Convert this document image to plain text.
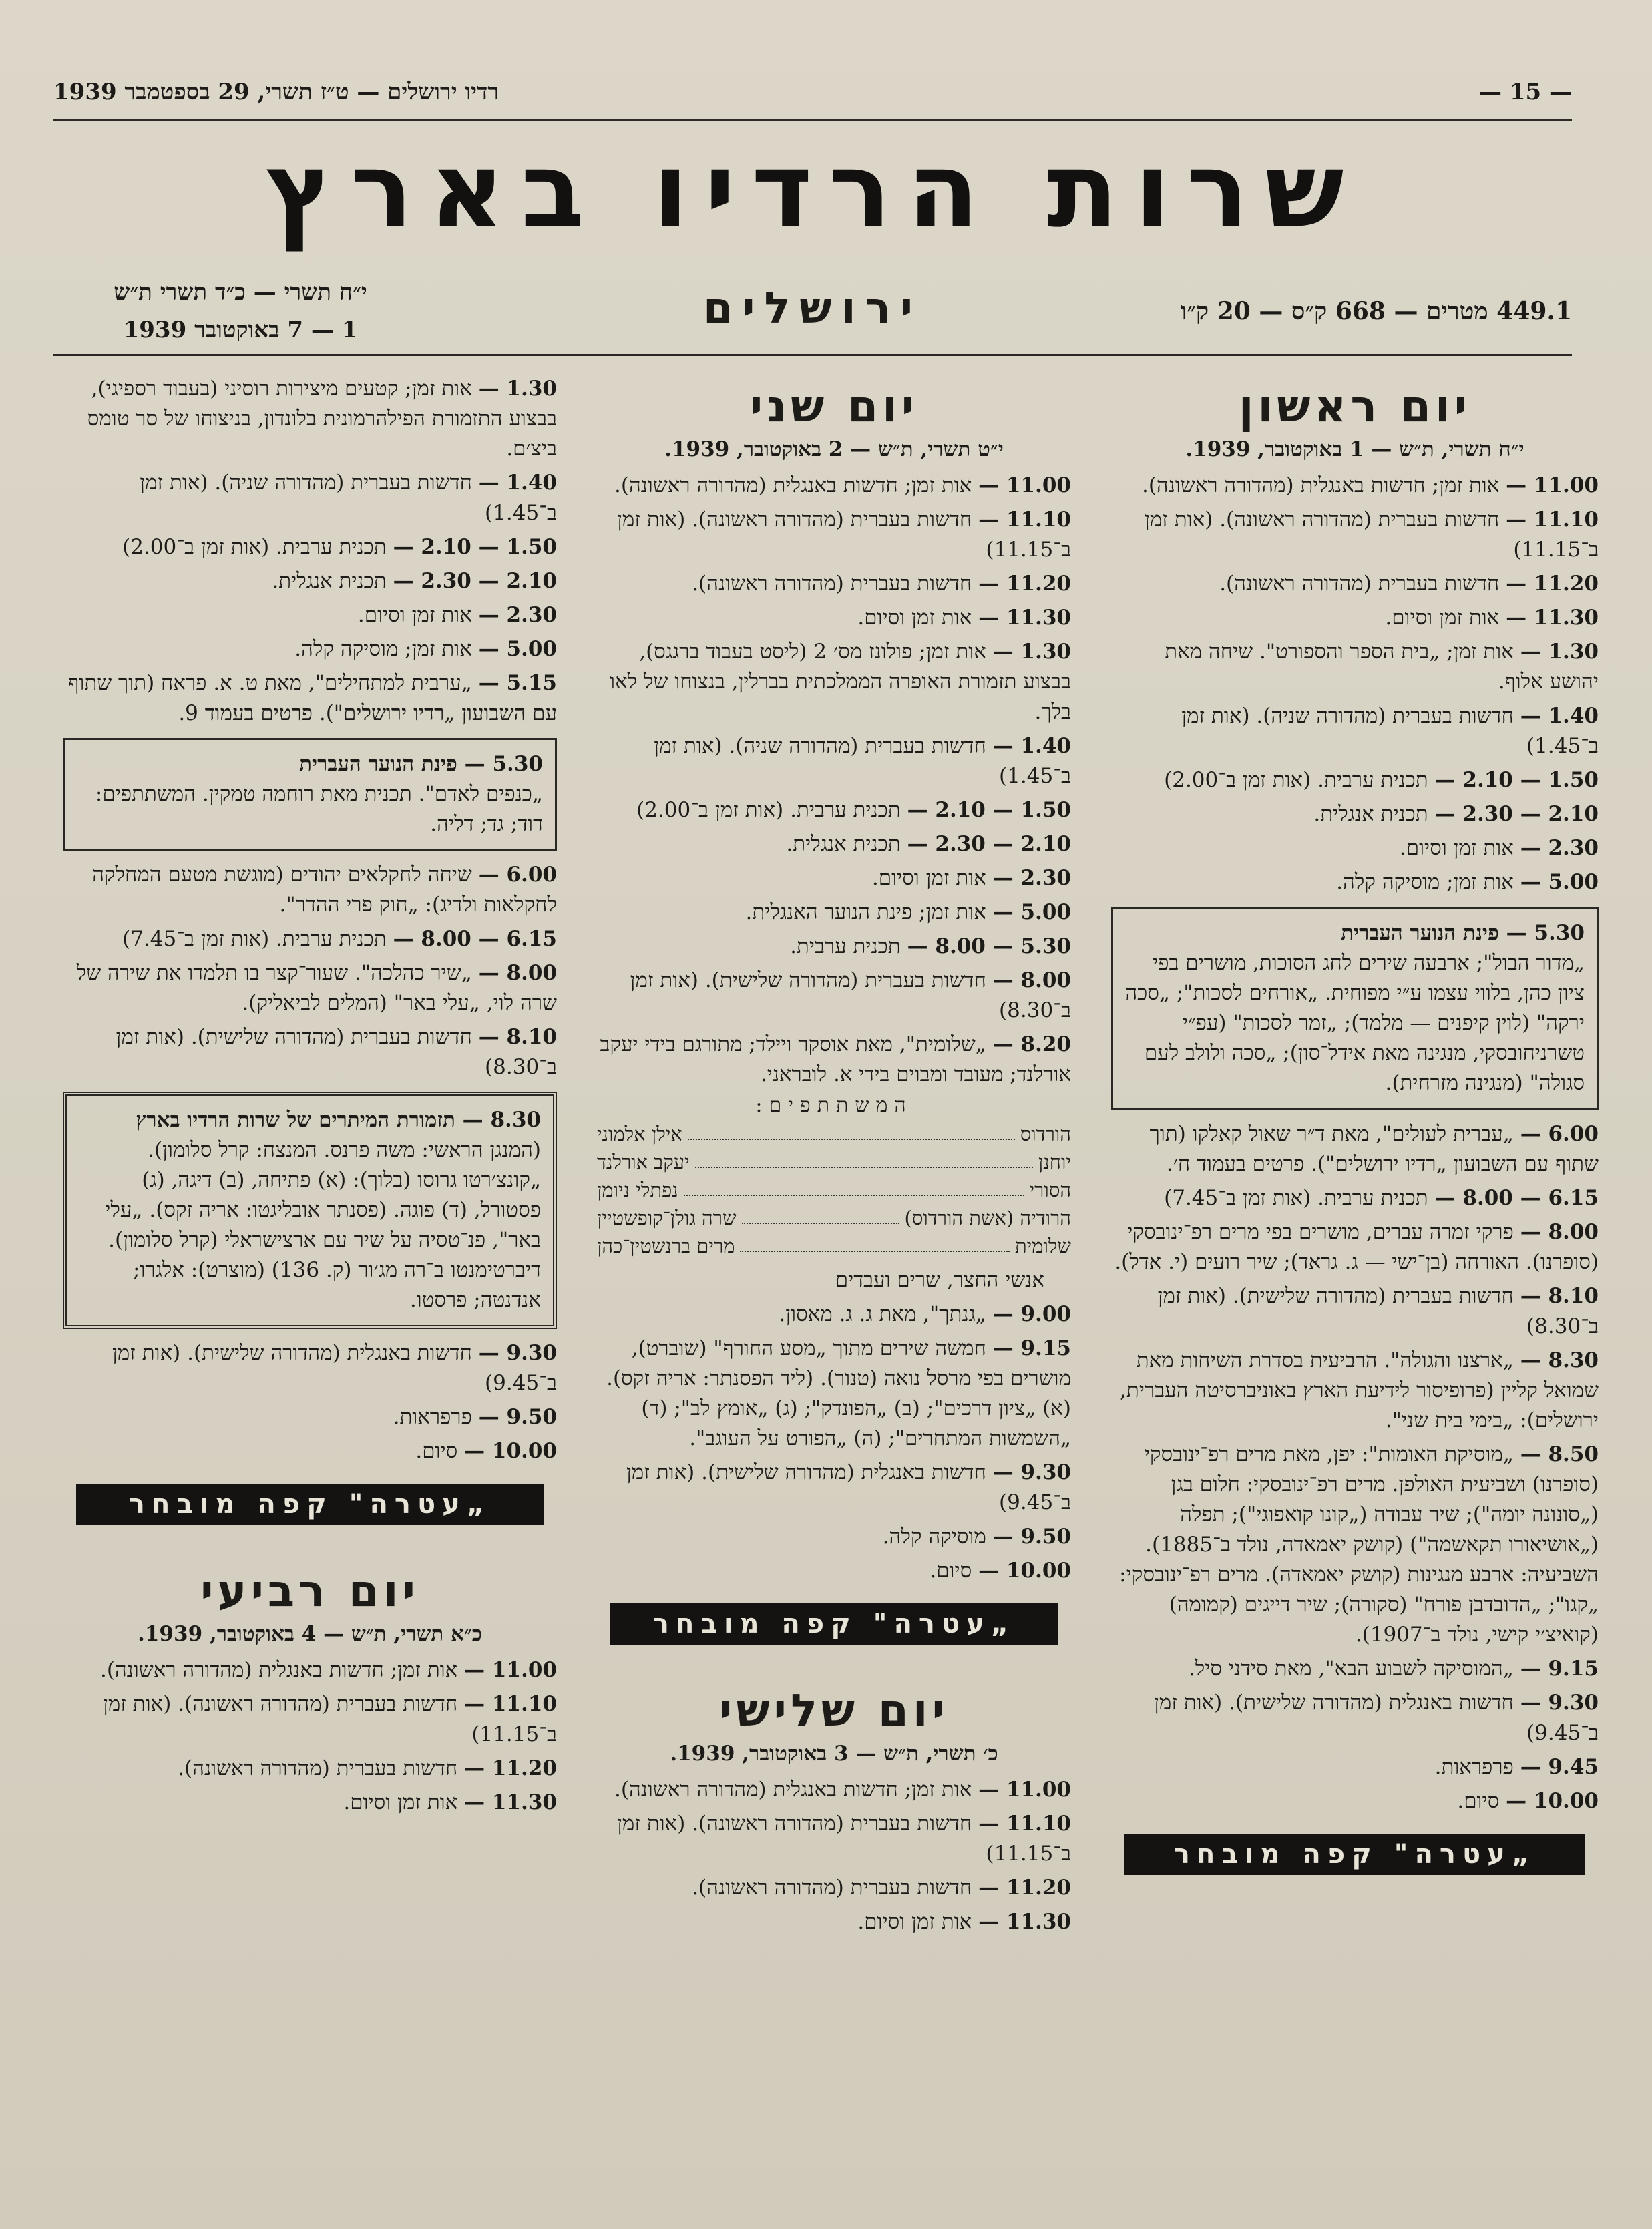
— 15 —
רדיו ירושלים — ט״ז תשרי, 29 בספטמבר 1939
שרות הרדיו בארץ
449.1 מטרים — 668 ק״ס — 20 ק״ו
ירושלים
י״ח תשרי — כ״ד תשרי ת״ש
1 — 7 באוקטובר 1939
יום ראשון
י״ח תשרי, ת״ש — 1 באוקטובר, 1939.
11.00 — אות זמן; חדשות באנגלית (מהדורה ראשונה).
11.10 — חדשות בעברית (מהדורה ראשונה). (אות זמן ב־11.15)
11.20 — חדשות בעברית (מהדורה ראשונה).
11.30 — אות זמן וסיום.
1.30 — אות זמן; „בית הספר והספורט". שיחה מאת יהושע אלוף.
1.40 — חדשות בעברית (מהדורה שניה). (אות זמן ב־1.45)
1.50 — 2.10 — תכנית ערבית. (אות זמן ב־2.00)
2.10 — 2.30 — תכנית אנגלית.
2.30 — אות זמן וסיום.
5.00 — אות זמן; מוסיקה קלה.
5.30 — פינת הנוער העברית
„מדור הבול"; ארבעה שירים לחג הסוכות, מושרים בפי ציון כהן, בלווי עצמו ע״י מפוחית. „אורחים לסכות"; „סכה ירקה" (לוין קיפנים — מלמד); „זמר לסכות" (עפ״י טשרניחובסקי, מנגינה מאת אידל־סון); „סכה ולולב לעם סגולה" (מנגינה מזרחית).
6.00 — „עברית לעולים", מאת ד״ר שאול קאלקו (תוך שתוף עם השבועון „רדיו ירושלים"). פרטים בעמוד ח׳.
6.15 — 8.00 — תכנית ערבית. (אות זמן ב־7.45)
8.00 — פרקי זמרה עברים, מושרים בפי מרים רפ־ינובסקי (סופרנו). האורחה (בן־ישי — ג. גראד); שיר רועים (י. אדל).
8.10 — חדשות בעברית (מהדורה שלישית). (אות זמן ב־8.30)
8.30 — „ארצנו והגולה". הרביעית בסדרת השיחות מאת שמואל קליין (פרופיסור לידיעת הארץ באוניברסיטה העברית, ירושלים): „בימי בית שני".
8.50 — „מוסיקת האומות": יפן, מאת מרים רפ־ינובסקי (סופרנו) ושביעית האולפן. מרים רפ־ינובסקי: חלום בגן („סונונה יומה"); שיר עבודה („קונו קואפוגי"); תפלה („אושיאורו תקאשמה") (קושק יאמאדה, נולד ב־1885). השביעיה: ארבע מנגינות (קושק יאמאדה). מרים רפ־ינובסקי: „קגו"; „הדובדבן פורח" (סקורה); שיר דייגים (קמומה) (קואיצ׳י קישי, נולד ב־1907).
9.15 — „המוסיקה לשבוע הבא", מאת סידני סיל.
9.30 — חדשות באנגלית (מהדורה שלישית). (אות זמן ב־9.45)
9.45 — פרפראות.
10.00 — סיום.
„עטרה" קפה מובחר
יום שני
י״ט תשרי, ת״ש — 2 באוקטובר, 1939.
11.00 — אות זמן; חדשות באנגלית (מהדורה ראשונה).
11.10 — חדשות בעברית (מהדורה ראשונה). (אות זמן ב־11.15)
11.20 — חדשות בעברית (מהדורה ראשונה).
11.30 — אות זמן וסיום.
1.30 — אות זמן; פולונז מס׳ 2 (ליסט בעבוד ברגגס), בבצוע תזמורת האופרה הממלכתית בברלין, בנצוחו של לאו בלך.
1.40 — חדשות בעברית (מהדורה שניה). (אות זמן ב־1.45)
1.50 — 2.10 — תכנית ערבית. (אות זמן ב־2.00)
2.10 — 2.30 — תכנית אנגלית.
2.30 — אות זמן וסיום.
5.00 — אות זמן; פינת הנוער האנגלית.
5.30 — 8.00 — תכנית ערבית.
8.00 — חדשות בעברית (מהדורה שלישית). (אות זמן ב־8.30)
8.20 — „שלומית", מאת אוסקר ויילד; מתורגם בידי יעקב אורלנד; מעובד ומבוים בידי א. לובראני.
המשתתפים:
הורדוס
אילן אלמוני
יוחנן
יעקב אורלנד
הסורי
נפתלי ניומן
הרודיה (אשת הורדוס)
שרה גולן־קופשטיין
שלומית
מרים ברנשטין־כהן
אנשי החצר, שרים ועבדים
9.00 — „גנתך", מאת ג. ג. מאסון.
9.15 — חמשה שירים מתוך „מסע החורף" (שוברט), מושרים בפי מרסל נואה (טנור). (ליד הפסנתר: אריה זקס). (א) „ציון דרכים"; (ב) „הפונדק"; (ג) „אומץ לב"; (ד) „השמשות המתחרים"; (ה) „הפורט על העוגב".
9.30 — חדשות באנגלית (מהדורה שלישית). (אות זמן ב־9.45)
9.50 — מוסיקה קלה.
10.00 — סיום.
„עטרה" קפה מובחר
יום שלישי
כ׳ תשרי, ת״ש — 3 באוקטובר, 1939.
11.00 — אות זמן; חדשות באנגלית (מהדורה ראשונה).
11.10 — חדשות בעברית (מהדורה ראשונה). (אות זמן ב־11.15)
11.20 — חדשות בעברית (מהדורה ראשונה).
11.30 — אות זמן וסיום.
1.30 — אות זמן; קטעים מיצירות רוסיני (בעבוד רספיגי), בבצוע התזמורת הפילהרמונית בלונדון, בניצוחו של סר טומס ביצ׳ם.
1.40 — חדשות בעברית (מהדורה שניה). (אות זמן ב־1.45)
1.50 — 2.10 — תכנית ערבית. (אות זמן ב־2.00)
2.10 — 2.30 — תכנית אנגלית.
2.30 — אות זמן וסיום.
5.00 — אות זמן; מוסיקה קלה.
5.15 — „ערבית למתחילים", מאת ט. א. פראח (תוך שתוף עם השבועון „רדיו ירושלים"). פרטים בעמוד 9.
5.30 — פינת הנוער העברית
„כנפים לאדם". תכנית מאת רוחמה טמקין. המשתתפים: דוד; גד; דליה.
6.00 — שיחה לחקלאים יהודים (מוגשת מטעם המחלקה לחקלאות ולדיג): „חוק פרי ההדר".
6.15 — 8.00 — תכנית ערבית. (אות זמן ב־7.45)
8.00 — „שיר כהלכה". שעור־קצר בו תלמדו את שירה של שרה לוי, „עלי באר" (המלים לביאליק).
8.10 — חדשות בעברית (מהדורה שלישית). (אות זמן ב־8.30)
8.30 — תזמורת המיתרים של שרות הרדיו בארץ
(המנגן הראשי: משה פרנס. המנצח: קרל סלומון). „קונצ׳רטו גרוסו (בלוך): (א) פתיחה, (ב) דיגה, (ג) פסטורל, (ד) פוגה. (פסנתר אובליגטו: אריה זקס). „עלי באר", פנ־טסיה על שיר עם ארצישראלי (קרל סלומון). דיברטימנטו ב־רה מג׳ור (ק. 136) (מוצרט): אלגרו; אנדנטה; פרסטו.
9.30 — חדשות באנגלית (מהדורה שלישית). (אות זמן ב־9.45)
9.50 — פרפראות.
10.00 — סיום.
„עטרה" קפה מובחר
יום רביעי
כ״א תשרי, ת״ש — 4 באוקטובר, 1939.
11.00 — אות זמן; חדשות באנגלית (מהדורה ראשונה).
11.10 — חדשות בעברית (מהדורה ראשונה). (אות זמן ב־11.15)
11.20 — חדשות בעברית (מהדורה ראשונה).
11.30 — אות זמן וסיום.
